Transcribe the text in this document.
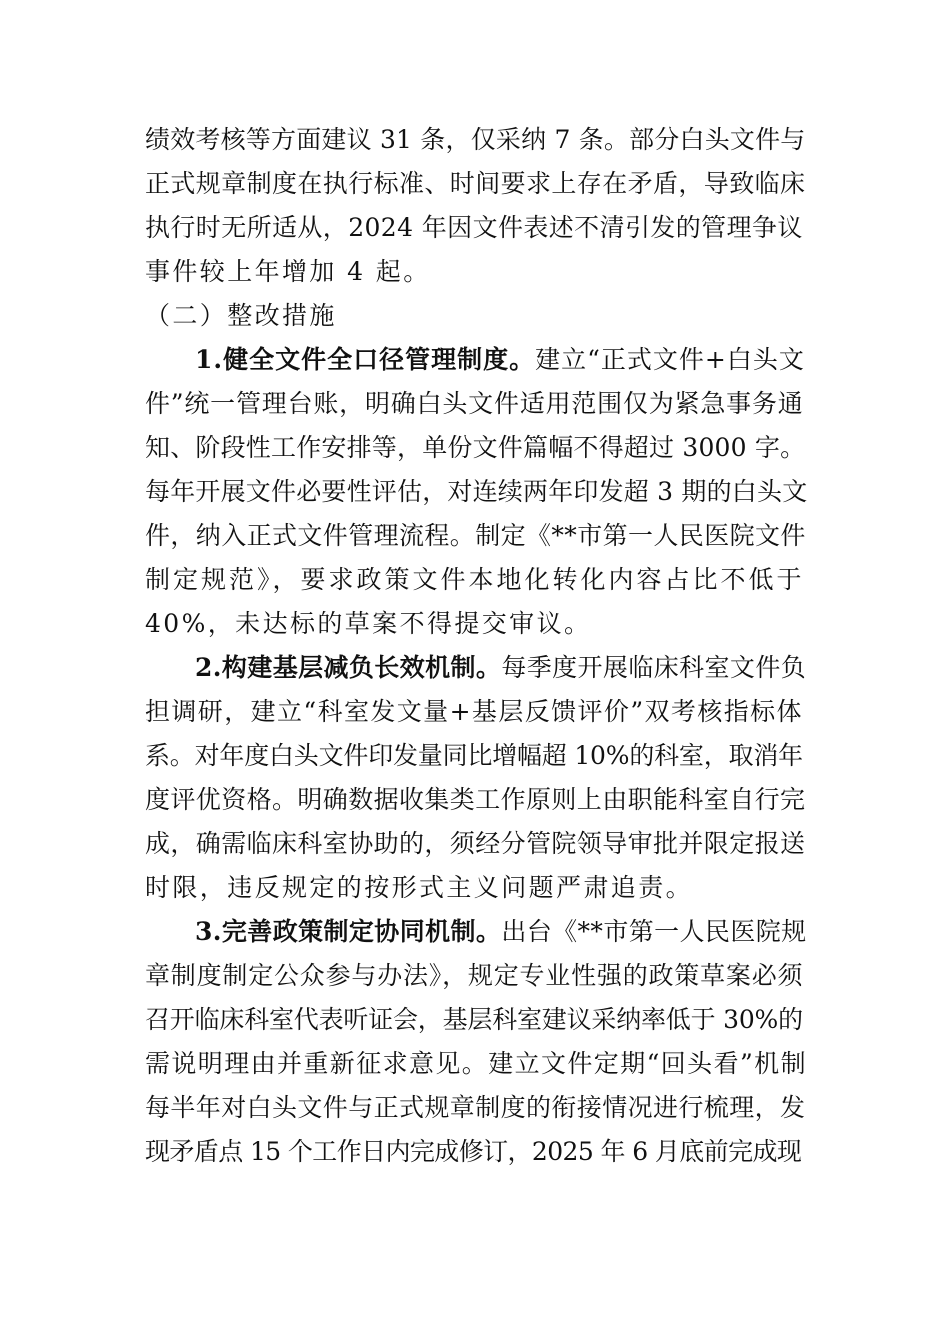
绩效考核等方面建议 31 条，仅采纳 7 条。部分白头文件与
正式规章制度在执行标准、时间要求上存在矛盾，导致临床
执行时无所适从，2024 年因文件表述不清引发的管理争议
事件较上年增加 4 起。

（二）整改措施

1.健全文件全口径管理制度。建立“正式文件+白头文
件”统一管理台账，明确白头文件适用范围仅为紧急事务通
知、阶段性工作安排等，单份文件篇幅不得超过 3000 字。
每年开展文件必要性评估，对连续两年印发超 3 期的白头文
件，纳入正式文件管理流程。制定《**市第一人民医院文件
制定规范》，要求政策文件本地化转化内容占比不低于
40%，未达标的草案不得提交审议。

2.构建基层减负长效机制。每季度开展临床科室文件负
担调研，建立“科室发文量+基层反馈评价”双考核指标体
系。对年度白头文件印发量同比增幅超 10%的科室，取消年
度评优资格。明确数据收集类工作原则上由职能科室自行完
成，确需临床科室协助的，须经分管院领导审批并限定报送
时限，违反规定的按形式主义问题严肃追责。

3.完善政策制定协同机制。出台《**市第一人民医院规
章制度制定公众参与办法》，规定专业性强的政策草案必须
召开临床科室代表听证会，基层科室建议采纳率低于 30%的
需说明理由并重新征求意见。建立文件定期“回头看”机制
每半年对白头文件与正式规章制度的衔接情况进行梳理，发
现矛盾点 15 个工作日内完成修订，2025 年 6 月底前完成现
